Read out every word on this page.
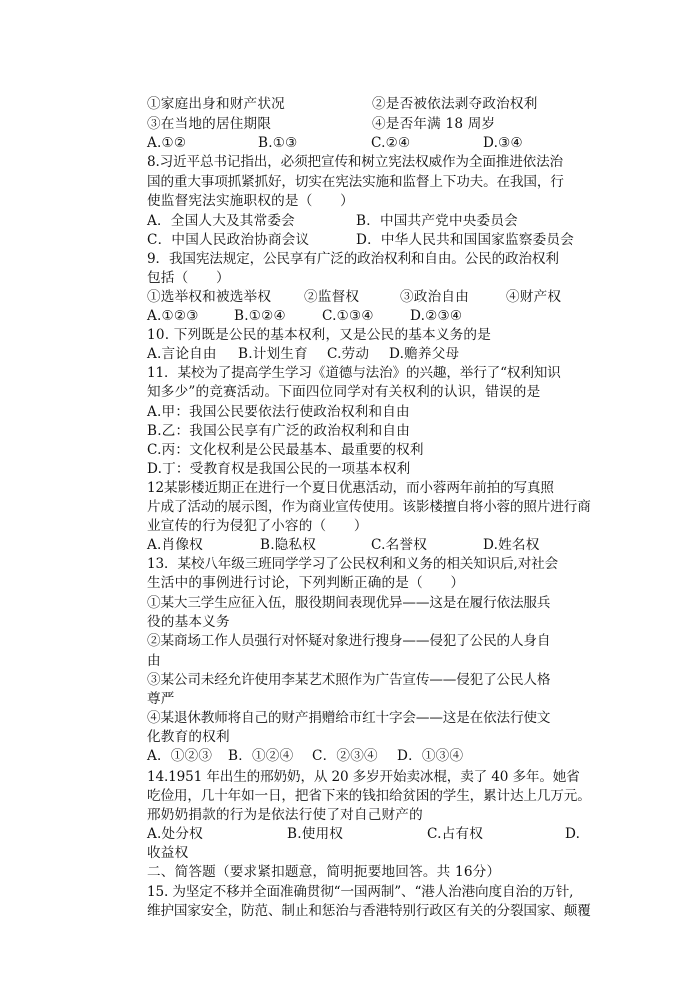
①家庭出身和财产状况	②是否被依法剥夺政治权利
③在当地的居住期限	④是否年满 18 周岁
A.①②	B.①③	C.②④	D.③④
8.习近平总书记指出，必须把宣传和树立宪法权威作为全面推进依法治
国的重大事项抓紧抓好，切实在宪法实施和监督上下功夫。在我国，行
使监督宪法实施职权的是（　　）
A．全国人大及其常委会	B．中国共产党中央委员会
C．中国人民政治协商会议	D．中华人民共和国国家监察委员会
9．我国宪法规定，公民享有广泛的政治权利和自由。公民的政治权利
包括（　　）
①选举权和被选举权 ②监督权	③政治自由	④财产权
A.①②③	B.①②④	C.①③④	D.②③④
10. 下列既是公民的基本权利，又是公民的基本义务的是
A.言论自由 B.计划生育 C.劳动 D.赡养父母
11．某校为了提高学生学习《道德与法治》的兴趣，举行了“权利知识
知多少”的竞赛活动。下面四位同学对有关权利的认识，错误的是
A.甲：我国公民要依法行使政治权利和自由
B.乙：我国公民享有广泛的政治权利和自由
C.丙：文化权利是公民最基本、最重要的权利
D.丁：受教育权是我国公民的一项基本权利
12某影楼近期正在进行一个夏日优惠活动，而小蓉两年前拍的写真照
片成了活动的展示图，作为商业宣传使用。该影楼擅自将小蓉的照片进行商
业宣传的行为侵犯了小容的（　　）
A.肖像权	B.隐私权	C.名誉权	D.姓名权
13．某校八年级三班同学学习了公民权利和义务的相关知识后,对社会
生活中的事例进行讨论，下列判断正确的是（　　）
①某大三学生应征入伍，服役期间表现优异——这是在履行依法服兵
役的基本义务
②某商场工作人员强行对怀疑对象进行搜身——侵犯了公民的人身自
由
③某公司未经允许使用李某艺术照作为广告宣传——侵犯了公民人格
尊严
④某退休教师将自己的财产捐赠给市红十字会——这是在依法行使文
化教育的权利
A．①②③ B．①②④ C．②③④ D．①③④
14.1951 年出生的邢奶奶，从 20 多岁开始卖冰棍，卖了 40 多年。她省
吃俭用，几十年如一日，把省下来的钱扣给贫困的学生，累计达上几万元。
邢奶奶捐款的行为是依法行使了对自己财产的
A.处分权	B.使用权	C.占有权	D.
收益权
二、简答题（要求紧扣题意，简明扼要地回答。共 16分）
15. 为坚定不移并全面准确贯彻“一国两制”、“港人治港向度自治的万针,
维护国家安全，防范、制止和惩治与香港特别行政区有关的分裂国家、颠覆
